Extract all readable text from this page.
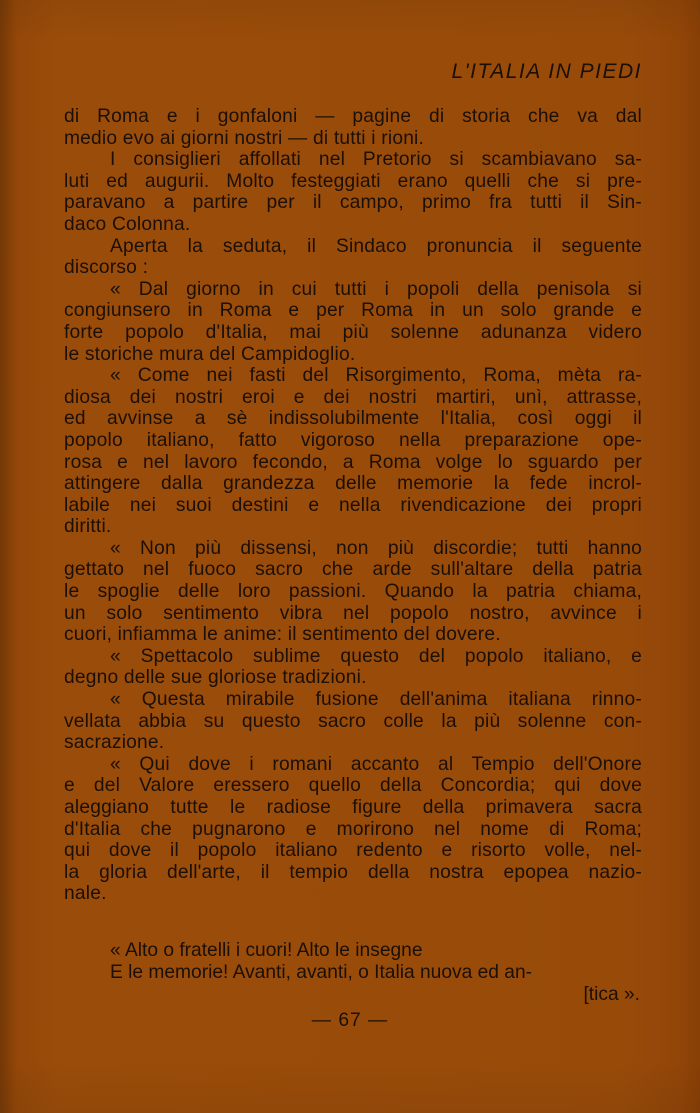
L'ITALIA IN PIEDI
di Roma e i gonfaloni — pagine di storia che va dal
medio evo ai giorni nostri — di tutti i rioni.
I consiglieri affollati nel Pretorio si scambiavano sa-
luti ed augurii. Molto festeggiati erano quelli che si pre-
paravano a partire per il campo, primo fra tutti il Sin-
daco Colonna.
Aperta la seduta, il Sindaco pronuncia il seguente
discorso :
« Dal giorno in cui tutti i popoli della penisola si
congiunsero in Roma e per Roma in un solo grande e
forte popolo d'Italia, mai più solenne adunanza videro
le storiche mura del Campidoglio.
« Come nei fasti del Risorgimento, Roma, mèta ra-
diosa dei nostri eroi e dei nostri martiri, unì, attrasse,
ed avvinse a sè indissolubilmente l'Italia, così oggi il
popolo italiano, fatto vigoroso nella preparazione ope-
rosa e nel lavoro fecondo, a Roma volge lo sguardo per
attingere dalla grandezza delle memorie la fede incrol-
labile nei suoi destini e nella rivendicazione dei propri
diritti.
« Non più dissensi, non più discordie; tutti hanno
gettato nel fuoco sacro che arde sull'altare della patria
le spoglie delle loro passioni. Quando la patria chiama,
un solo sentimento vibra nel popolo nostro, avvince i
cuori, infiamma le anime: il sentimento del dovere.
« Spettacolo sublime questo del popolo italiano, e
degno delle sue gloriose tradizioni.
« Questa mirabile fusione dell'anima italiana rinno-
vellata abbia su questo sacro colle la più solenne con-
sacrazione.
« Qui dove i romani accanto al Tempio dell'Onore
e del Valore eressero quello della Concordia; qui dove
aleggiano tutte le radiose figure della primavera sacra
d'Italia che pugnarono e morirono nel nome di Roma;
qui dove il popolo italiano redento e risorto volle, nel-
la gloria dell'arte, il tempio della nostra epopea nazio-
nale.
« Alto o fratelli i cuori! Alto le insegne
E le memorie! Avanti, avanti, o Italia nuova ed an-
[tica ».
— 67 —
